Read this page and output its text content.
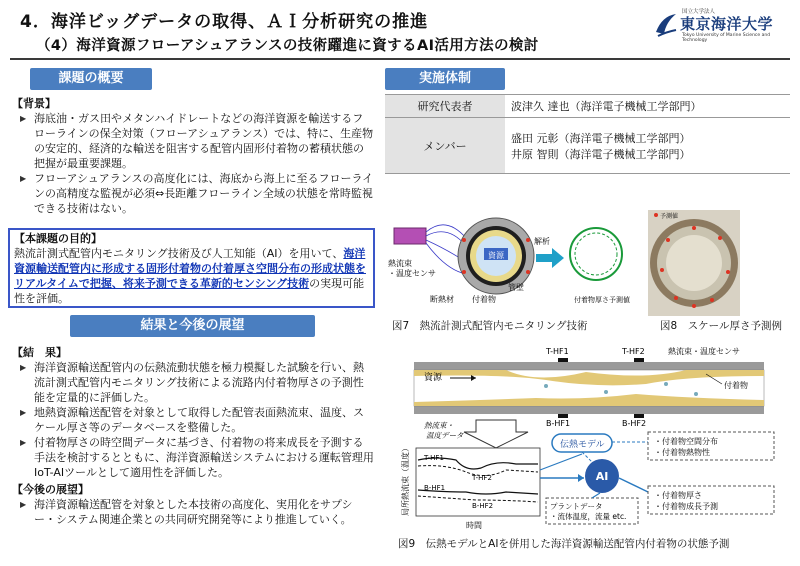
4．海洋ビッグデータの取得、ＡＩ分析研究の推進
（4）海洋資源フローアシュアランスの技術躍進に資するAI活用方法の検討
国立大学法人
東京海洋大学
Tokyo University of Marine Science and Technology
課題の概要
【背景】
▶ 海底油・ガス田やメタンハイドレートなどの海洋資源を輸送するフローラインの保全対策（フローアシュアランス）では、特に、生産物の安定的、経済的な輸送を阻害する配管内固形付着物の蓄積状態の把握が最重要課題。
▶ フローアシュアランスの高度化には、海底から海上に至るフローラインの高精度な監視が必須⇔長距離フローライン全域の状態を常時監視できる技術はない。
【本課題の目的】
熱流計測式配管内モニタリング技術及び人工知能（AI）を用いて、海洋資源輸送配管内に形成する固形付着物の付着厚さ空間分布の形成状態をリアルタイムで把握、将来予測できる革新的センシング技術の実現可能性を評価。
結果と今後の展望
【結　果】
▶ 海洋資源輸送配管内の伝熱流動状態を極力模擬した試験を行い、熱流計測式配管内モニタリング技術による流路内付着物厚さの予測性能を定量的に評価した。
▶ 地熱資源輸送配管を対象として取得した配管表面熱流束、温度、スケール厚さ等のデータベースを整備した。
▶ 付着物厚さの時空間データに基づき、付着物の将来成長を予測する手法を検討するとともに、海洋資源輸送システムにおける運転管理用IoT-AIツールとして適用性を評価した。
【今後の展望】
▶ 海洋資源輸送配管を対象とした本技術の高度化、実用化をサプシー・システム関連企業との共同研究開発等により推進していく。
実施体制
研究代表者	波津久 達也（海洋電子機械工学部門）
メンバー	盛田 元彰（海洋電子機械工学部門）
井原 智則（海洋電子機械工学部門）
熱流束・温度センサ
資源
断熱材 付着物
管壁
解析
付着物厚さ予測値
図7　熱流計測式配管内モニタリング技術
予測値
図8　スケール厚さ予測例
T-HF1	T-HF2	熱流束・温度センサ
B-HF1	B-HF2
資源
付着物
熱流束・温度データ
T-HF1
T-HF2
B-HF1
B-HF2
局所熱流束（温度）
時間
伝熱モデル
AI
・付着物空間分布・付着物熱物性
・付着物厚さ・付着物成長予測
プラントデータ・流体温度，流量 etc.
図9　伝熱モデルとAIを併用した海洋資源輸送配管内付着物の状態予測
